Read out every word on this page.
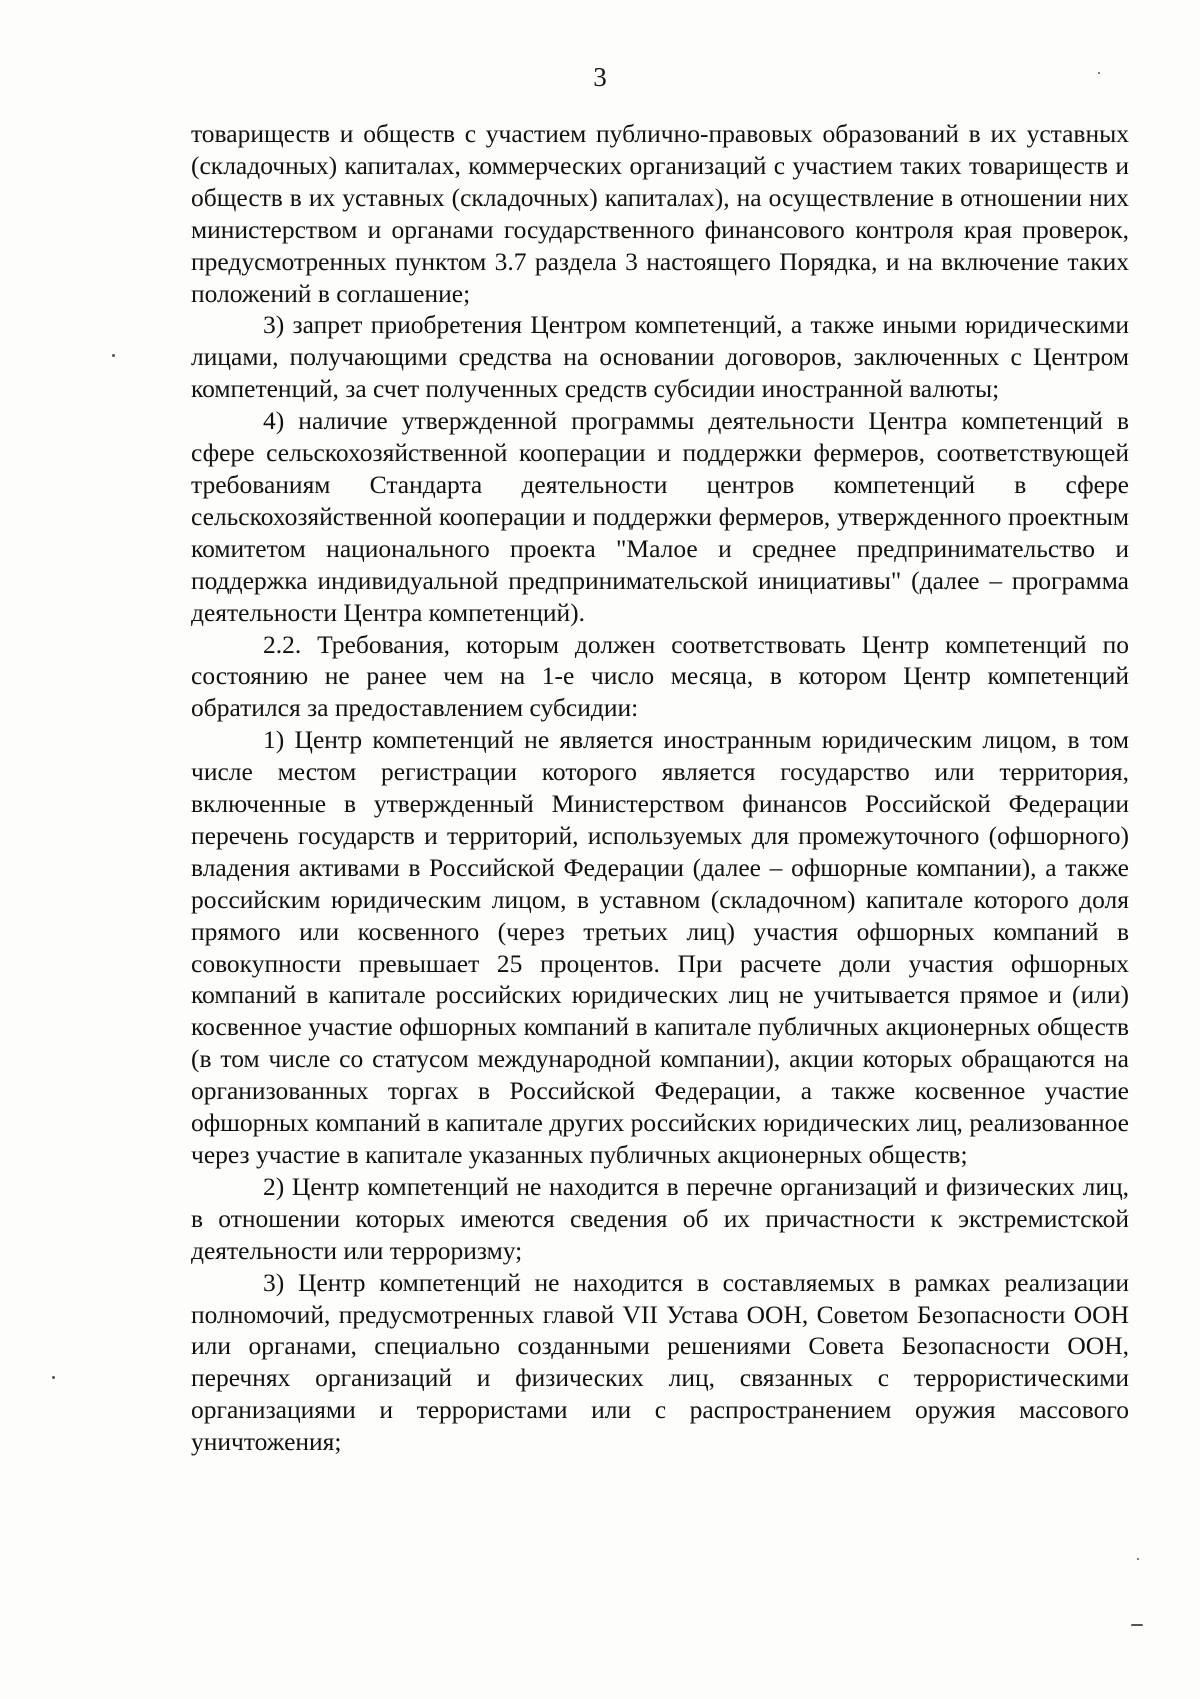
3

товариществ и обществ с участием публично-правовых образований в их уставных (складочных) капиталах, коммерческих организаций с участием таких товариществ и обществ в их уставных (складочных) капиталах), на осуществление в отношении них министерством и органами государственного финансового контроля края проверок, предусмотренных пунктом 3.7 раздела 3 настоящего Порядка, и на включение таких положений в соглашение;

3) запрет приобретения Центром компетенций, а также иными юридическими лицами, получающими средства на основании договоров, заключенных с Центром компетенций, за счет полученных средств субсидии иностранной валюты;

4) наличие утвержденной программы деятельности Центра компетенций в сфере сельскохозяйственной кооперации и поддержки фермеров, соответствующей требованиям Стандарта деятельности центров компетенций в сфере сельскохозяйственной кооперации и поддержки фермеров, утвержденного проектным комитетом национального проекта "Малое и среднее предпринимательство и поддержка индивидуальной предпринимательской инициативы" (далее – программа деятельности Центра компетенций).

2.2. Требования, которым должен соответствовать Центр компетенций по состоянию не ранее чем на 1-е число месяца, в котором Центр компетенций обратился за предоставлением субсидии:

1) Центр компетенций не является иностранным юридическим лицом, в том числе местом регистрации которого является государство или территория, включенные в утвержденный Министерством финансов Российской Федерации перечень государств и территорий, используемых для промежуточного (офшорного) владения активами в Российской Федерации (далее – офшорные компании), а также российским юридическим лицом, в уставном (складочном) капитале которого доля прямого или косвенного (через третьих лиц) участия офшорных компаний в совокупности превышает 25 процентов. При расчете доли участия офшорных компаний в капитале российских юридических лиц не учитывается прямое и (или) косвенное участие офшорных компаний в капитале публичных акционерных обществ (в том числе со статусом международной компании), акции которых обращаются на организованных торгах в Российской Федерации, а также косвенное участие офшорных компаний в капитале других российских юридических лиц, реализованное через участие в капитале указанных публичных акционерных обществ;

2) Центр компетенций не находится в перечне организаций и физических лиц, в отношении которых имеются сведения об их причастности к экстремистской деятельности или терроризму;

3) Центр компетенций не находится в составляемых в рамках реализации полномочий, предусмотренных главой VII Устава ООН, Советом Безопасности ООН или органами, специально созданными решениями Совета Безопасности ООН, перечнях организаций и физических лиц, связанных с террористическими организациями и террористами или с распространением оружия массового уничтожения;
